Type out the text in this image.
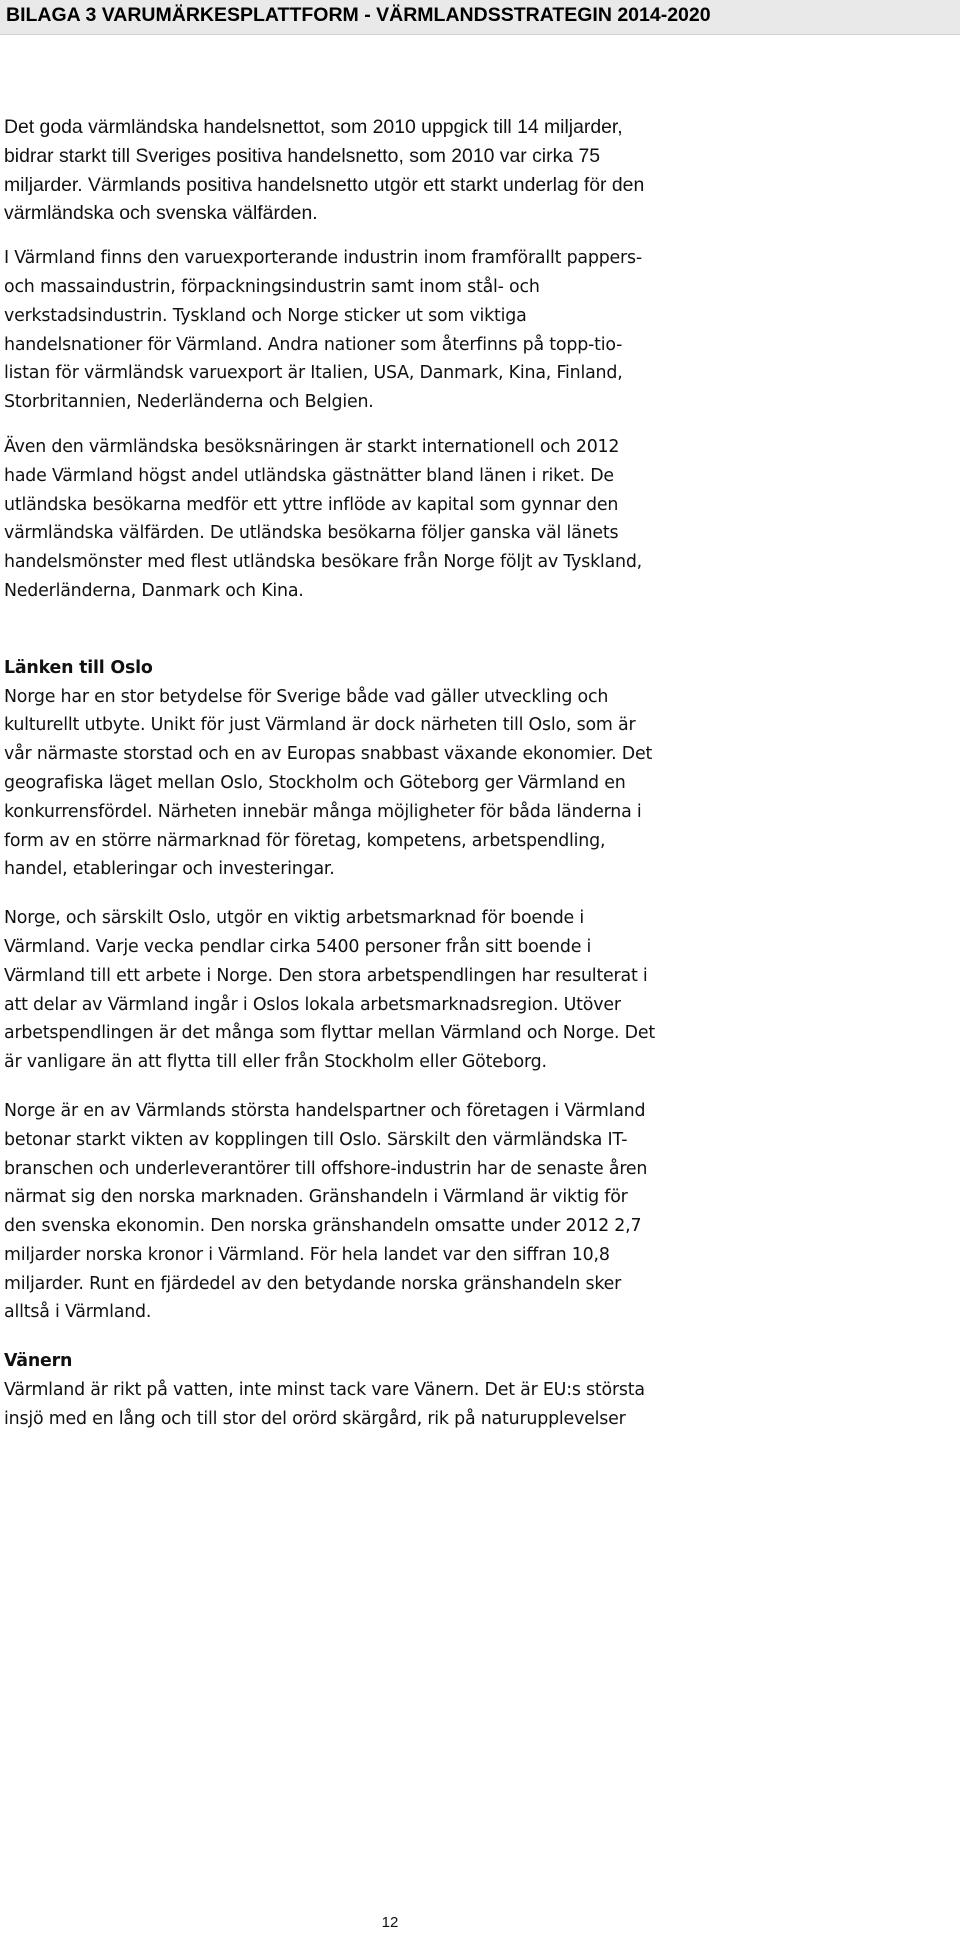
BILAGA 3 VARUMÄRKESPLATTFORM - VÄRMLANDSSTRATEGIN 2014-2020

Det goda värmländska handelsnettot, som 2010 uppgick till 14 miljarder,
bidrar starkt till Sveriges positiva handelsnetto, som 2010 var cirka 75
miljarder. Värmlands positiva handelsnetto utgör ett starkt underlag för den
värmländska och svenska välfärden.

I Värmland finns den varuexporterande industrin inom framförallt pappers-
och massaindustrin, förpackningsindustrin samt inom stål- och
verkstadsindustrin. Tyskland och Norge sticker ut som viktiga
handelsnationer för Värmland. Andra nationer som återfinns på topp-tio-
listan för värmländsk varuexport är Italien, USA, Danmark, Kina, Finland,
Storbritannien, Nederländerna och Belgien.

Även den värmländska besöksnäringen är starkt internationell och 2012
hade Värmland högst andel utländska gästnätter bland länen i riket. De
utländska besökarna medför ett yttre inflöde av kapital som gynnar den
värmländska välfärden. De utländska besökarna följer ganska väl länets
handelsmönster med flest utländska besökare från Norge följt av Tyskland,
Nederländerna, Danmark och Kina.

Länken till Oslo

Norge har en stor betydelse för Sverige både vad gäller utveckling och
kulturellt utbyte. Unikt för just Värmland är dock närheten till Oslo, som är
vår närmaste storstad och en av Europas snabbast växande ekonomier. Det
geografiska läget mellan Oslo, Stockholm och Göteborg ger Värmland en
konkurrensfördel. Närheten innebär många möjligheter för båda länderna i
form av en större närmarknad för företag, kompetens, arbetspendling,
handel, etableringar och investeringar.

Norge, och särskilt Oslo, utgör en viktig arbetsmarknad för boende i
Värmland. Varje vecka pendlar cirka 5400 personer från sitt boende i
Värmland till ett arbete i Norge. Den stora arbetspendlingen har resulterat i
att delar av Värmland ingår i Oslos lokala arbetsmarknadsregion. Utöver
arbetspendlingen är det många som flyttar mellan Värmland och Norge. Det
är vanligare än att flytta till eller från Stockholm eller Göteborg.

Norge är en av Värmlands största handelspartner och företagen i Värmland
betonar starkt vikten av kopplingen till Oslo. Särskilt den värmländska IT-
branschen och underleverantörer till offshore-industrin har de senaste åren
närmat sig den norska marknaden. Gränshandeln i Värmland är viktig för
den svenska ekonomin. Den norska gränshandeln omsatte under 2012 2,7
miljarder norska kronor i Värmland. För hela landet var den siffran 10,8
miljarder. Runt en fjärdedel av den betydande norska gränshandeln sker
alltså i Värmland.

Vänern

Värmland är rikt på vatten, inte minst tack vare Vänern. Det är EU:s största
insjö med en lång och till stor del orörd skärgård, rik på naturupplevelser

12
